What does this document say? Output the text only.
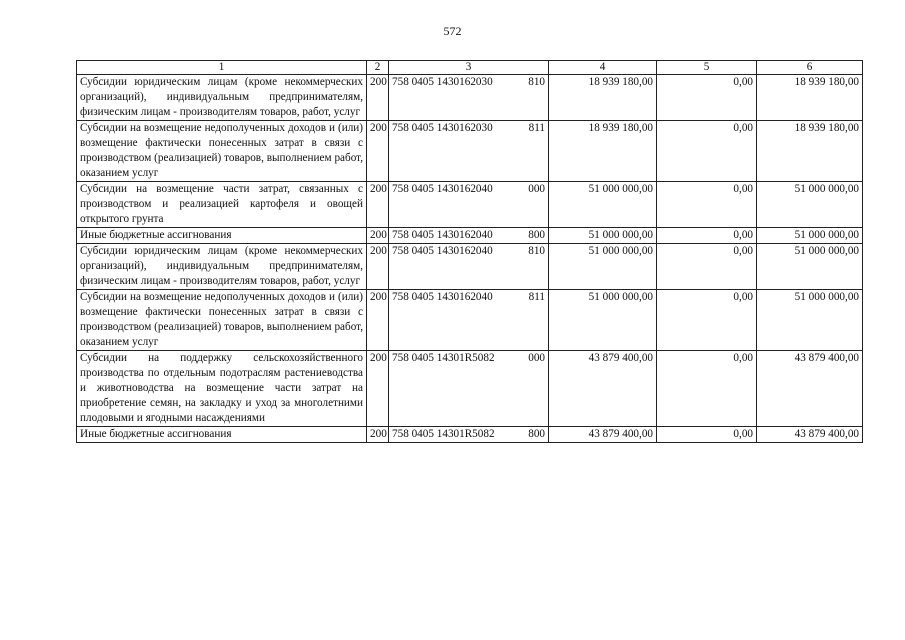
572
1	2	3	4	5	6
Субсидии юридическим лицам (кроме некоммерческих организаций), индивидуальным предпринимателям, физическим лицам - производителям товаров, работ, услуг	200	758 0405 1430162030 810	18 939 180,00	0,00	18 939 180,00
Субсидии на возмещение недополученных доходов и (или) возмещение фактически понесенных затрат в связи с производством (реализацией) товаров, выполнением работ, оказанием услуг	200	758 0405 1430162030 811	18 939 180,00	0,00	18 939 180,00
Субсидии на возмещение части затрат, связанных с производством и реализацией картофеля и овощей открытого грунта	200	758 0405 1430162040 000	51 000 000,00	0,00	51 000 000,00
Иные бюджетные ассигнования	200	758 0405 1430162040 800	51 000 000,00	0,00	51 000 000,00
Субсидии юридическим лицам (кроме некоммерческих организаций), индивидуальным предпринимателям, физическим лицам - производителям товаров, работ, услуг	200	758 0405 1430162040 810	51 000 000,00	0,00	51 000 000,00
Субсидии на возмещение недополученных доходов и (или) возмещение фактически понесенных затрат в связи с производством (реализацией) товаров, выполнением работ, оказанием услуг	200	758 0405 1430162040 811	51 000 000,00	0,00	51 000 000,00
Субсидии на поддержку сельскохозяйственного производства по отдельным подотраслям растениеводства и животноводства на возмещение части затрат на приобретение семян, на закладку и уход за многолетними плодовыми и ягодными насаждениями	200	758 0405 14301R5082 000	43 879 400,00	0,00	43 879 400,00
Иные бюджетные ассигнования	200	758 0405 14301R5082 800	43 879 400,00	0,00	43 879 400,00
